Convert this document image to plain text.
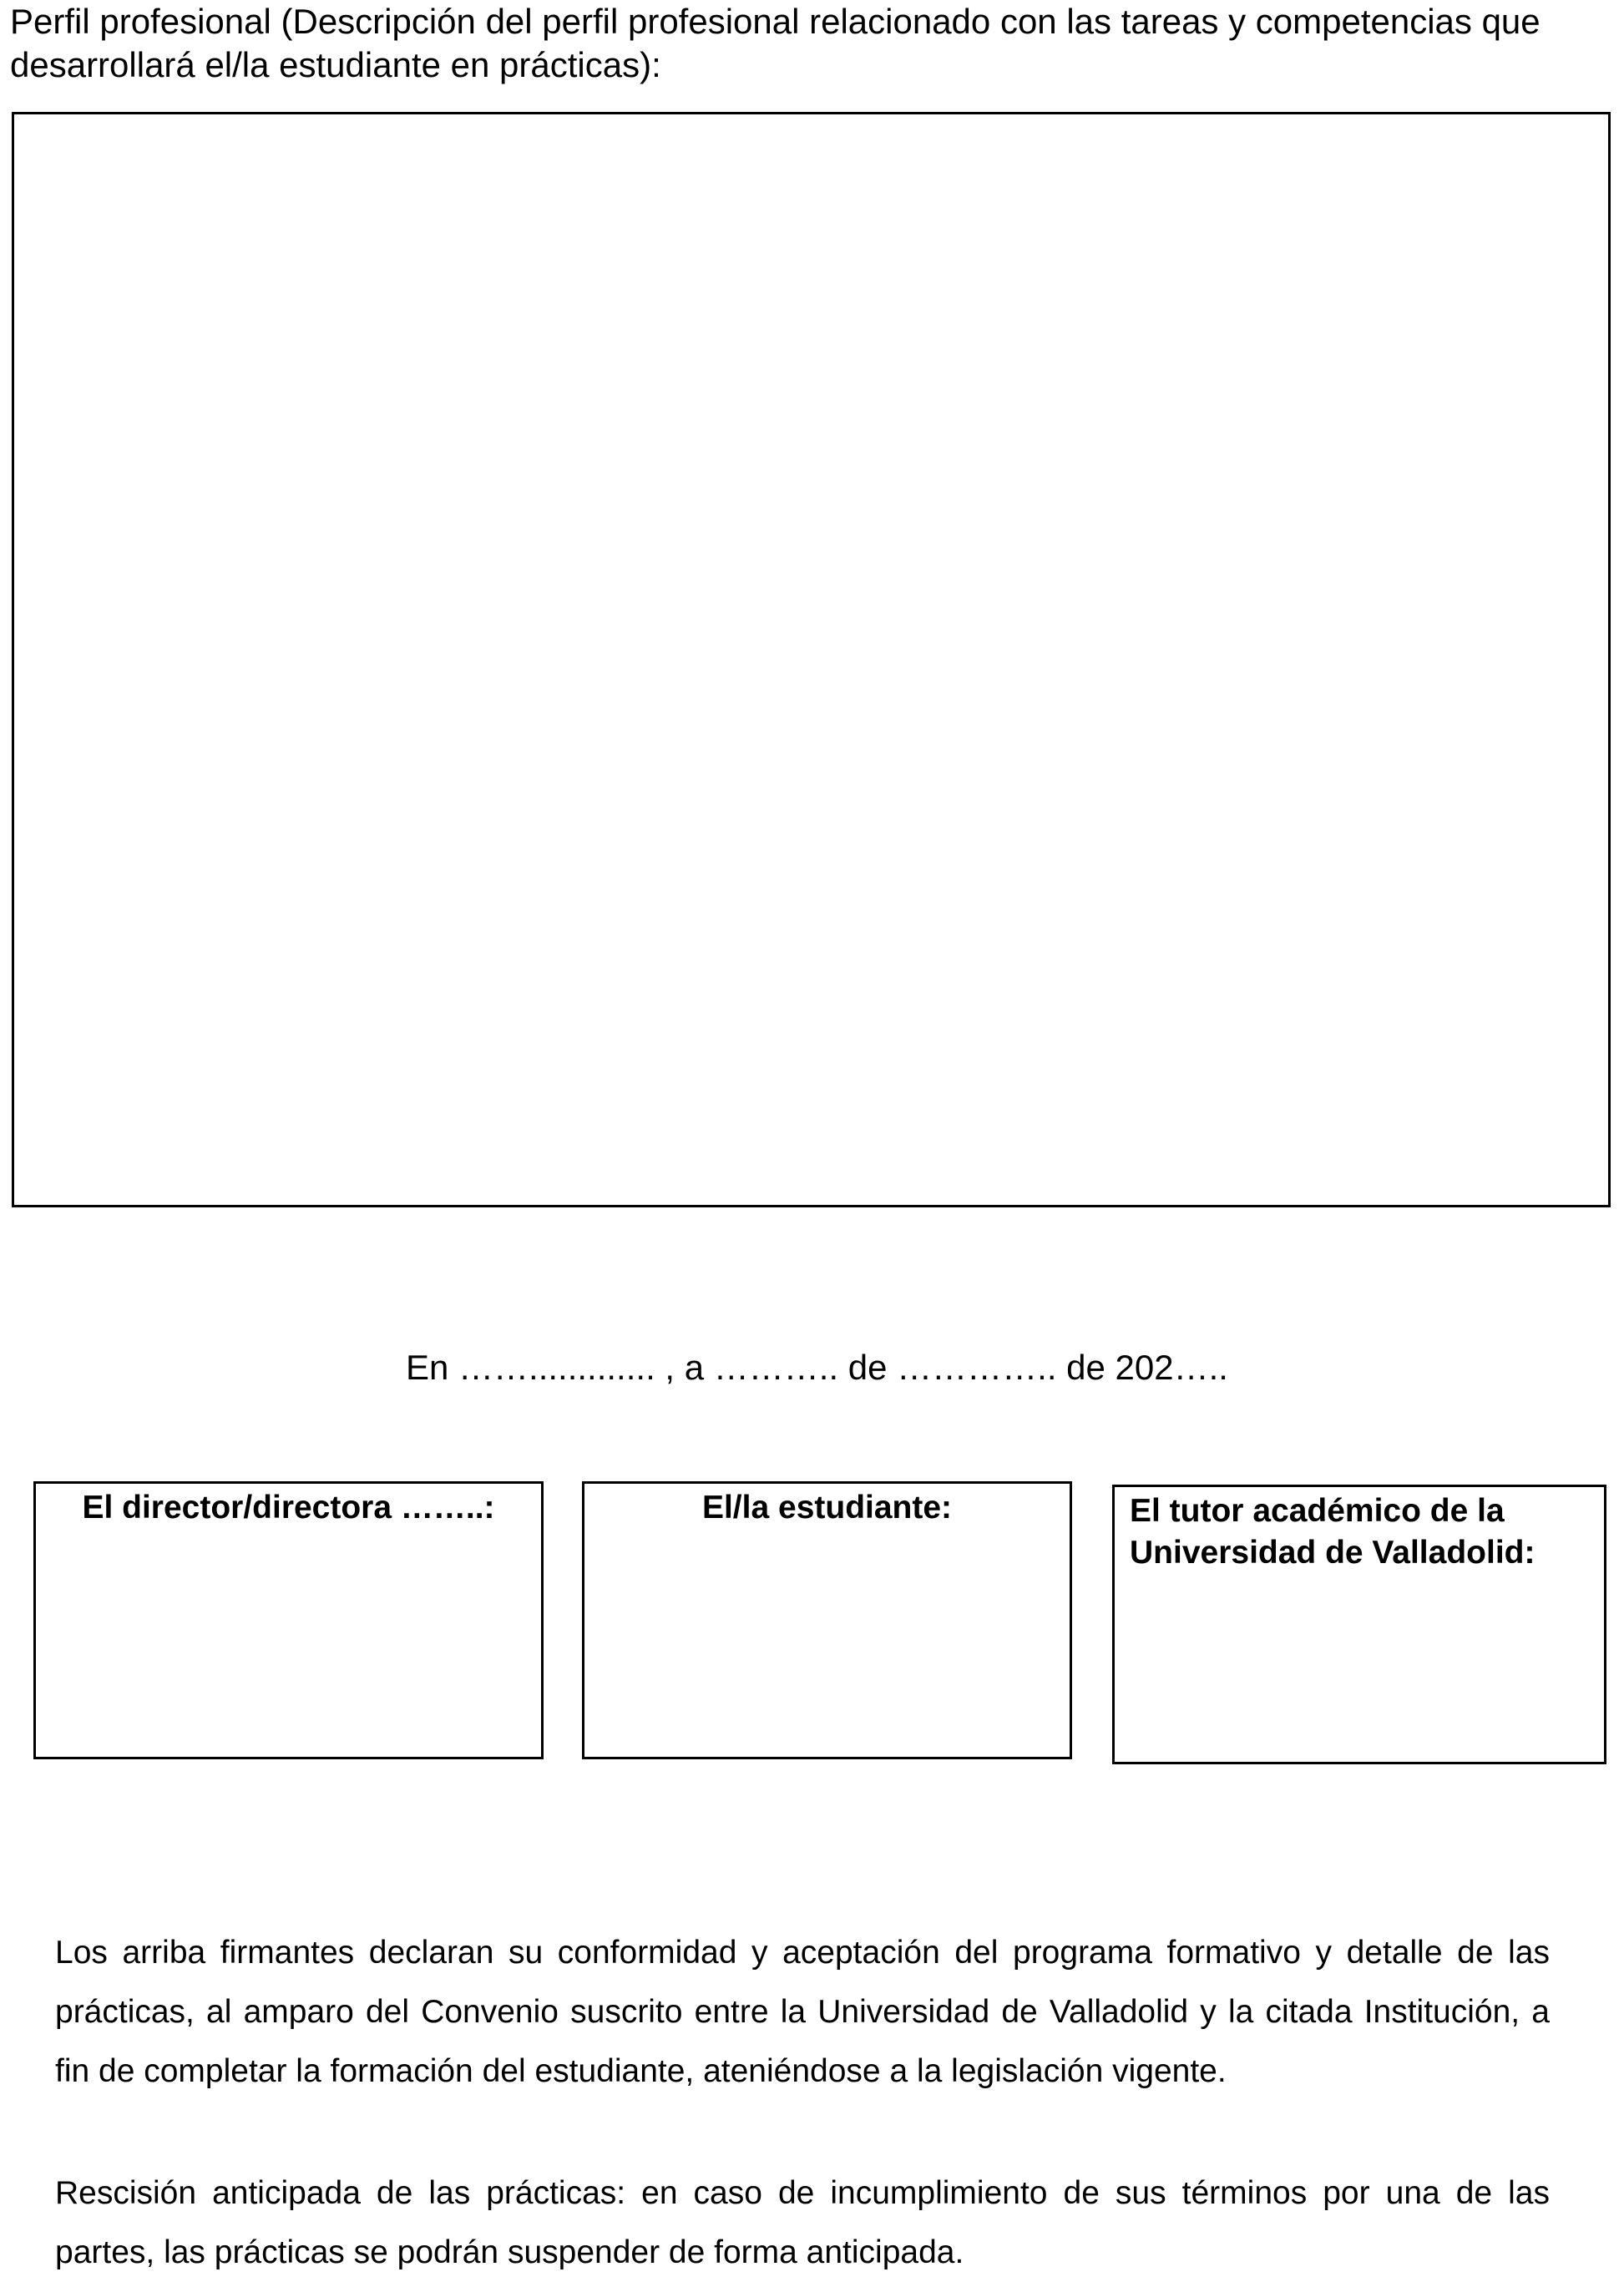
Perfil profesional (Descripción del perfil profesional relacionado con las tareas y competencias que desarrollará el/la estudiante en prácticas):

En ……............. , a ……….. de ………….. de 202…..

El director/directora ……..:	El/la estudiante:	El tutor académico de la Universidad de Valladolid:

Los arriba firmantes declaran su conformidad y aceptación del programa formativo y detalle de las prácticas, al amparo del Convenio suscrito entre la Universidad de Valladolid y la citada Institución, a fin de completar la formación del estudiante, ateniéndose a la legislación vigente.

Rescisión anticipada de las prácticas: en caso de incumplimiento de sus términos por una de las partes, las prácticas se podrán suspender de forma anticipada.
